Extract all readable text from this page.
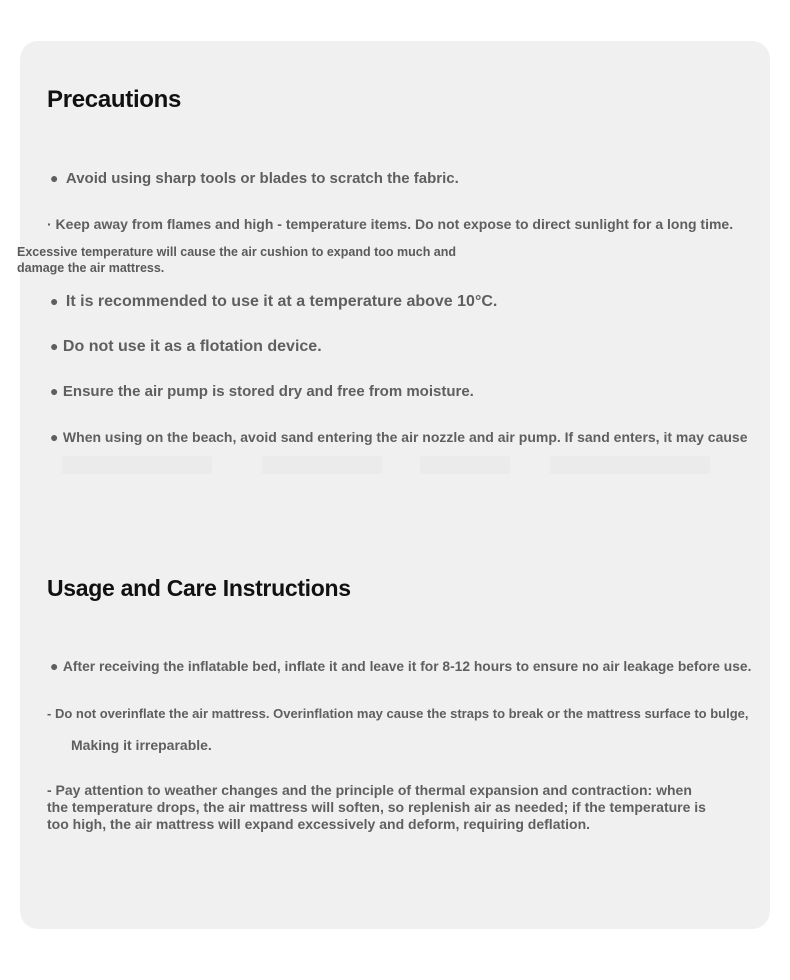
Precautions
● Avoid using sharp tools or blades to scratch the fabric.
· Keep away from flames and high - temperature items. Do not expose to direct sunlight for a long time.
Excessive temperature will cause the air cushion to expand too much and
damage the air mattress.
● It is recommended to use it at a temperature above 10°C.
● Do not use it as a flotation device.
● Ensure the air pump is stored dry and free from moisture.
● When using on the beach, avoid sand entering the air nozzle and air pump. If sand enters, it may cause
Usage and Care Instructions
● After receiving the inflatable bed, inflate it and leave it for 8-12 hours to ensure no air leakage before use.
- Do not overinflate the air mattress. Overinflation may cause the straps to break or the mattress surface to bulge,
Making it irreparable.
- Pay attention to weather changes and the principle of thermal expansion and contraction: when
the temperature drops, the air mattress will soften, so replenish air as needed; if the temperature is
too high, the air mattress will expand excessively and deform, requiring deflation.
